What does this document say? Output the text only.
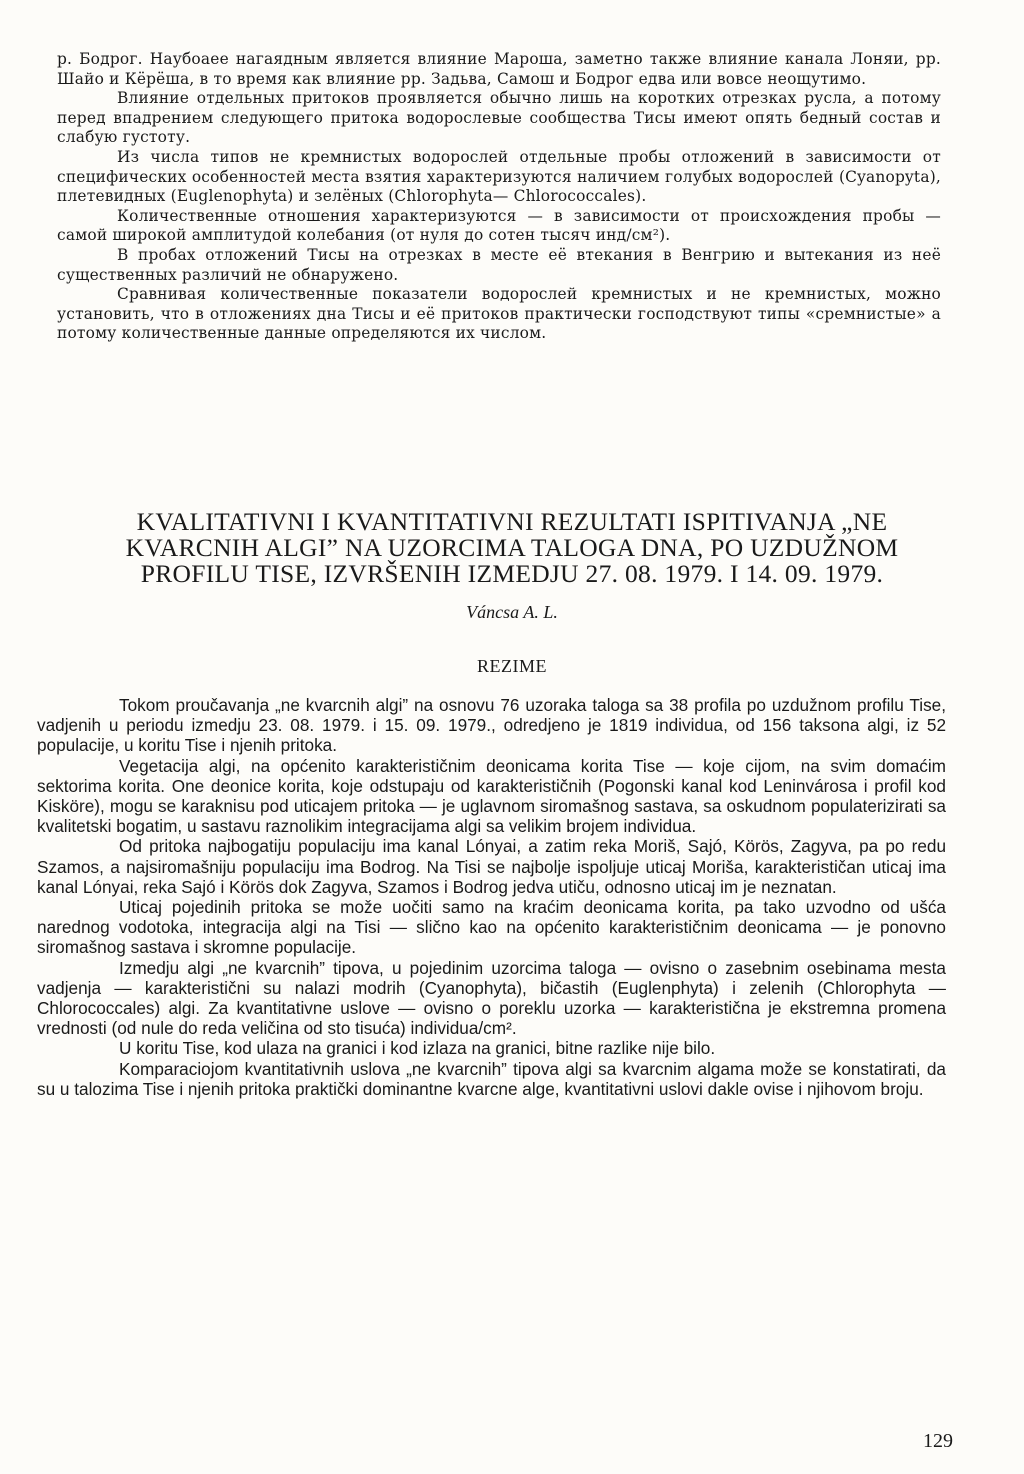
р. Бодрог. Наубоаее нагаядным является влияние Мароша, заметно также влияние канала Лоняи, рр. Шайо и Кёрёша, в то время как влияние рр. Задьва, Самош и Бодрог едва или вовсе неощутимо.

Влияние отдельных притоков проявляется обычно лишь на коротких отрезках русла, а потому перед впадрением следующего притока водорослевые сообщества Тисы имеют опять бедный состав и слабую густоту.

Из числа типов не кремнистых водорослей отдельные пробы отложений в зависимости от специфических особенностей места взятия характеризуются наличием голубых водорослей (Cyanopyta), плетевидных (Euglenophyta) и зелёных (Chlorophyta— Chlorococcales).

Количественные отношения характеризуются — в зависимости от происхождения пробы — самой широкой амплитудой колебания (от нуля до сотен тысяч инд/см²).

В пробах отложений Тисы на отрезках в месте её втекания в Венгрию и вытекания из неё существенных различий не обнаружено.

Сравнивая количественные показатели водорослей кремнистых и не кремнистых, можно установить, что в отложениях дна Тисы и её притоков практически господствуют типы «сремнистые» а потому количественные данные определяются их числом.

KVALITATIVNI I KVANTITATIVNI REZULTATI ISPITIVANJA „NE
KVARCNIH ALGI” NA UZORCIMA TALOGA DNA, PO UZDUŽNOM
PROFILU TISE, IZVRŠENIH IZMEDJU 27. 08. 1979. I 14. 09. 1979.
Váncsa A. L.
REZIME

Tokom proučavanja „ne kvarcnih algi” na osnovu 76 uzoraka taloga sa 38 profila po uzdužnom profilu Tise, vadjenih u periodu izmedju 23. 08. 1979. i 15. 09. 1979., odredjeno je 1819 individua, od 156 taksona algi, iz 52 populacije, u koritu Tise i njenih pritoka.

Vegetacija algi, na općenito karakterističnim deonicama korita Tise — koje cijom, na svim domaćim sektorima korita. One deonice korita, koje odstupaju od karakterističnih (Pogonski kanal kod Leninvárosa i profil kod Kisköre), mogu se karaknisu pod uticajem pritoka — je uglavnom siromašnog sastava, sa oskudnom populaterizirati sa kvalitetski bogatim, u sastavu raznolikim integracijama algi sa velikim brojem individua.

Od pritoka najbogatiju populaciju ima kanal Lónyai, a zatim reka Moriš, Sajó, Körös, Zagyva, pa po redu Szamos, a najsiromašniju populaciju ima Bodrog. Na Tisi se najbolje ispoljuje uticaj Moriša, karakterističan uticaj ima kanal Lónyai, reka Sajó i Körös dok Zagyva, Szamos i Bodrog jedva utiču, odnosno uticaj im je neznatan.

Uticaj pojedinih pritoka se može uočiti samo na kraćim deonicama korita, pa tako uzvodno od ušća narednog vodotoka, integracija algi na Tisi — slično kao na općenito karakterističnim deonicama — je ponovno siromašnog sastava i skromne populacije.

Izmedju algi „ne kvarcnih” tipova, u pojedinim uzorcima taloga — ovisno o zasebnim osebinama mesta vadjenja — karakteristični su nalazi modrih (Cyanophyta), bičastih (Euglenphyta) i zelenih (Chlorophyta — Chlorococcales) algi. Za kvantitativne uslove — ovisno o poreklu uzorka — karakteristična je ekstremna promena vrednosti (od nule do reda veličina od sto tisuća) individua/cm².

U koritu Tise, kod ulaza na granici i kod izlaza na granici, bitne razlike nije bilo.

Komparaciojom kvantitativnih uslova „ne kvarcnih” tipova algi sa kvarcnim algama može se konstatirati, da su u talozima Tise i njenih pritoka praktički dominantne kvarcne alge, kvantitativni uslovi dakle ovise i njihovom broju.

129
